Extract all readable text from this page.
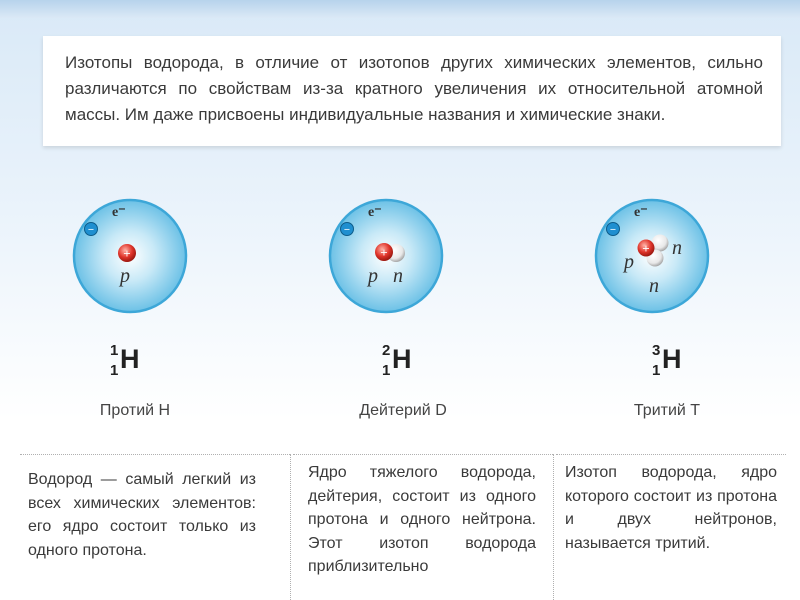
Изотопы водорода, в отличие от изотопов других химических элементов, сильно различаются по свойствам из-за кратного увеличения их относительной атомной массы. Им даже присвоены индивидуальные названия и химические знаки.

e⁻
−
+
p
1
1 H
Протий H
e⁻
−
+
p n
2
1 H
Дейтерий D
e⁻
−
+
p
n
n
3
1 H
Тритий T
Водород — самый легкий из всех химических элементов: его ядро состоит только из одного протона.
Ядро тяжелого водорода, дейтерия, состоит из одного протона и одного нейтрона. Этот изотоп водорода приблизительно
Изотоп водорода, ядро которого состоит из протона и двух нейтронов, называется тритий.
